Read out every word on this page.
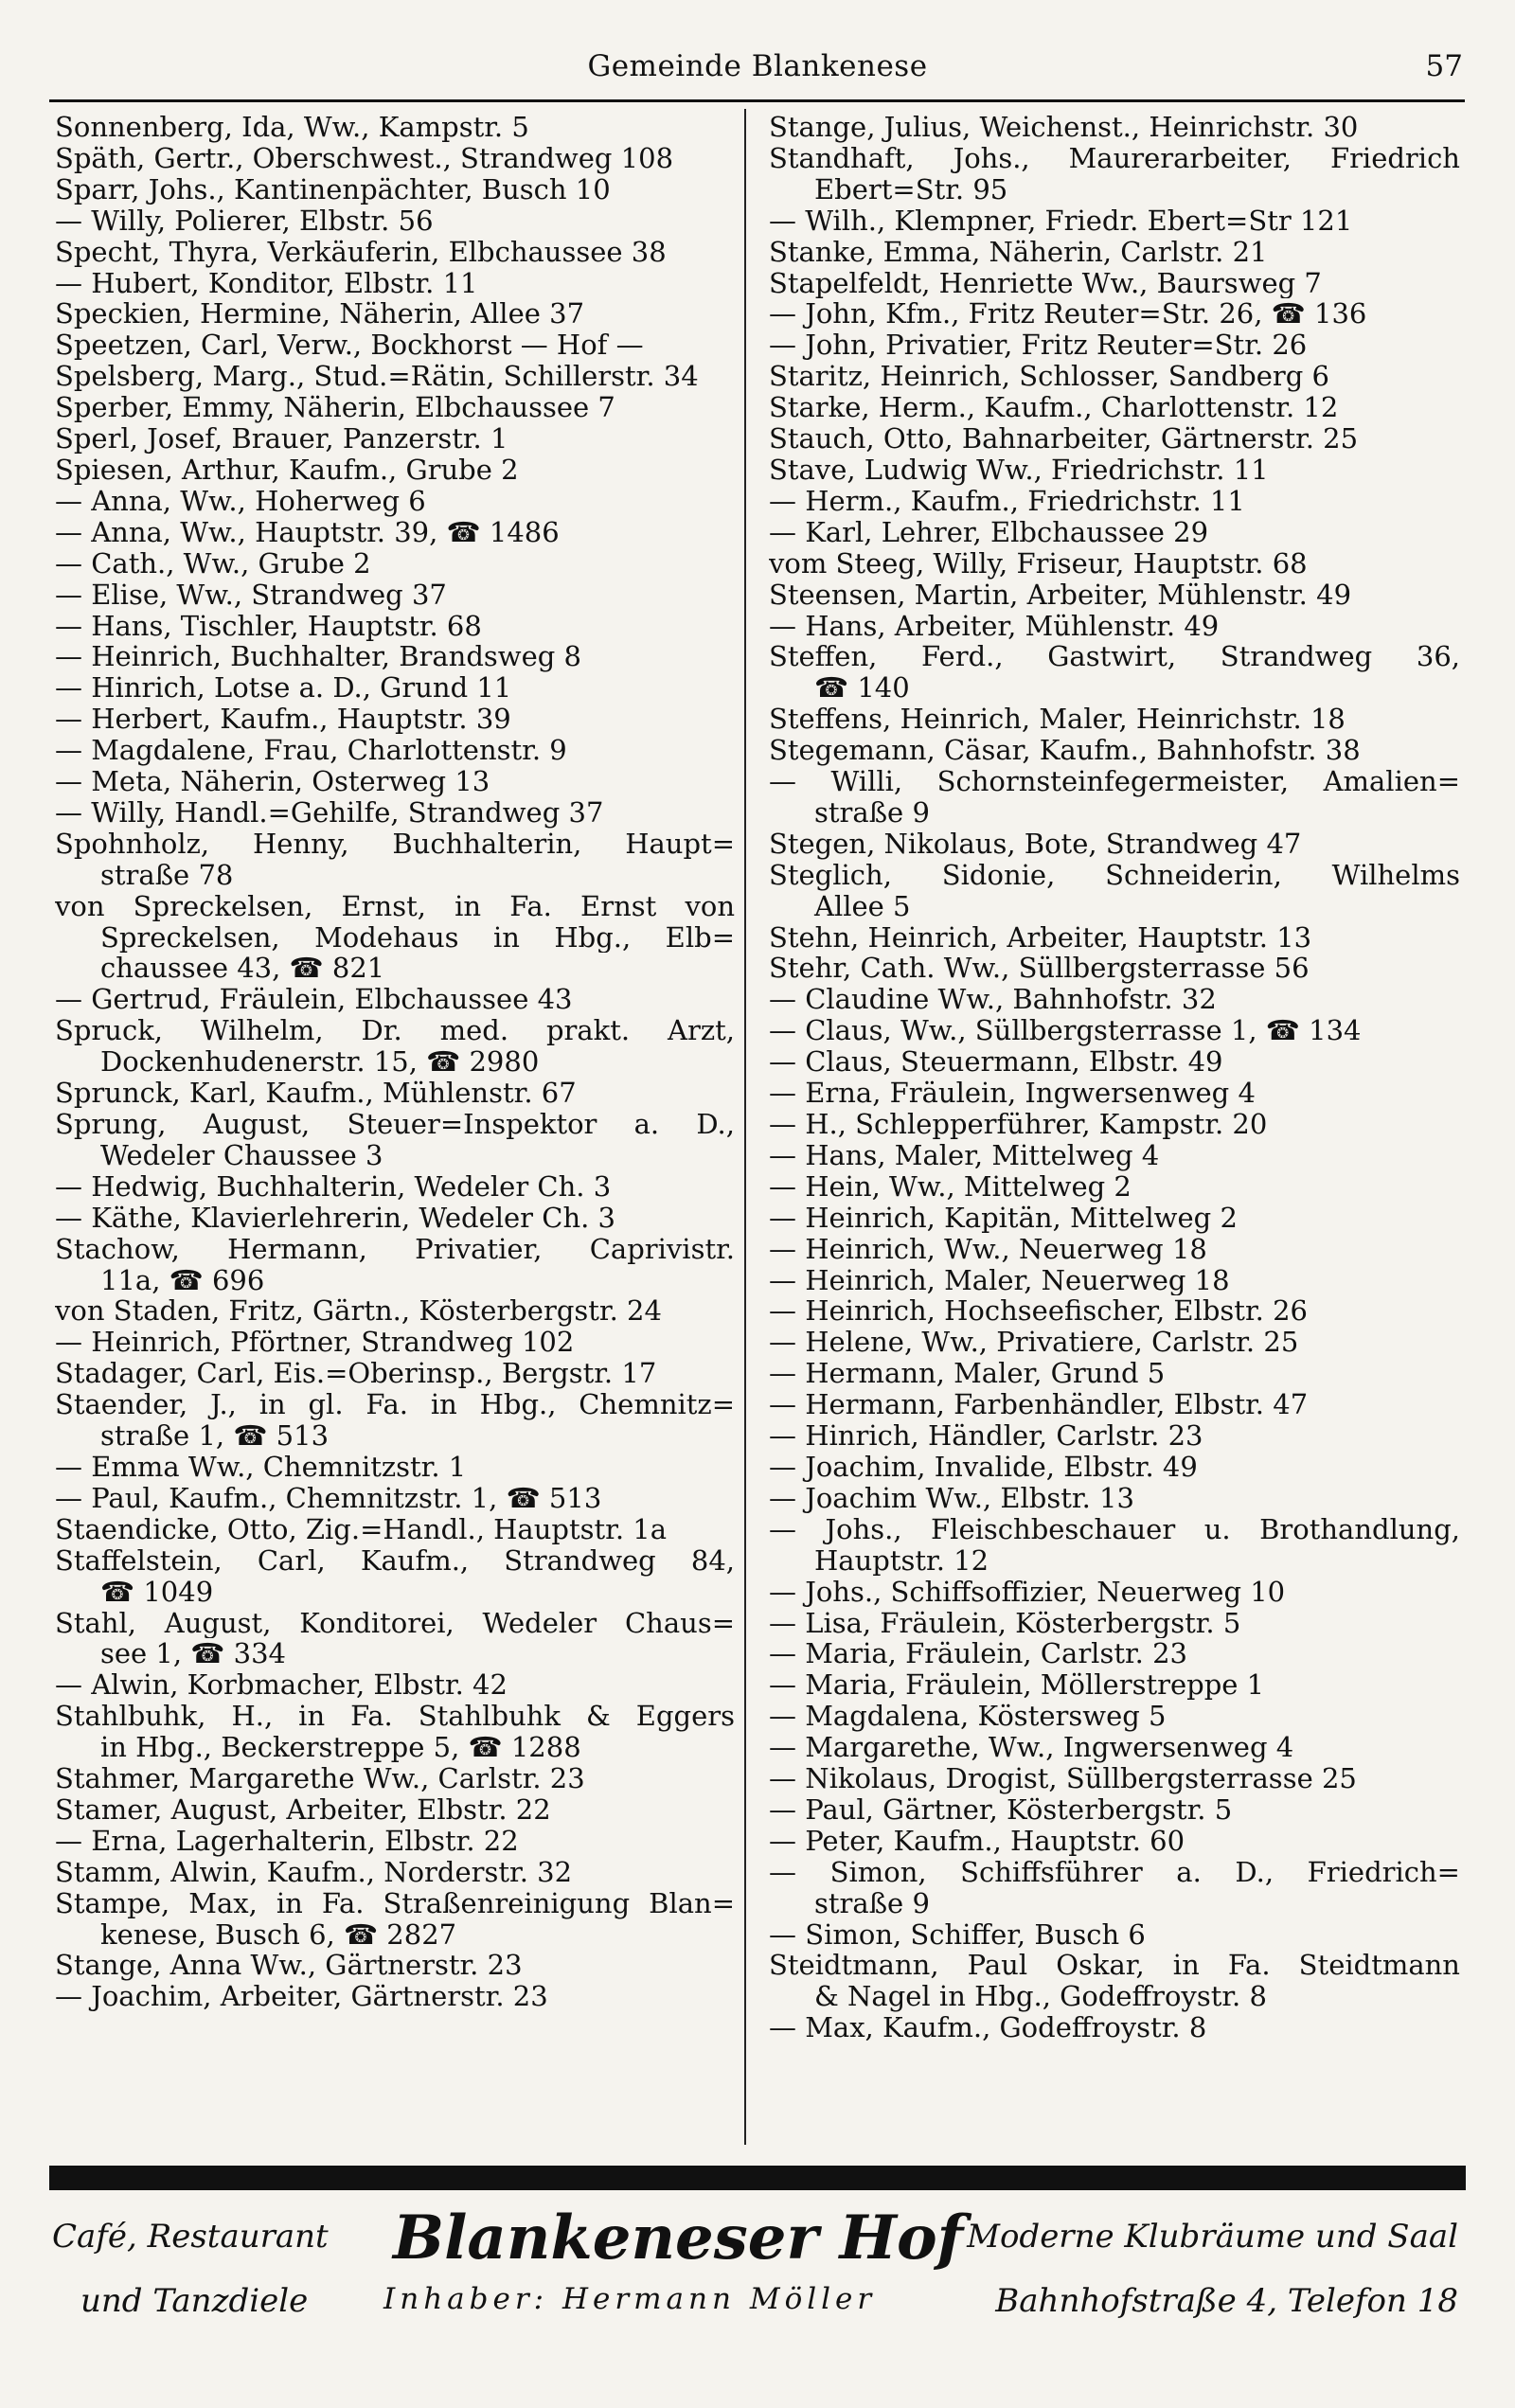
Gemeinde Blankenese	57
Sonnenberg, Ida, Ww., Kampstr. 5
Späth, Gertr., Oberschwest., Strandweg 108
Sparr, Johs., Kantinenpächter, Busch 10
— Willy, Polierer, Elbstr. 56
Specht, Thyra, Verkäuferin, Elbchaussee 38
— Hubert, Konditor, Elbstr. 11
Speckien, Hermine, Näherin, Allee 37
Speetzen, Carl, Verw., Bockhorst — Hof —
Spelsberg, Marg., Stud.=Rätin, Schillerstr. 34
Sperber, Emmy, Näherin, Elbchaussee 7
Sperl, Josef, Brauer, Panzerstr. 1
Spiesen, Arthur, Kaufm., Grube 2
— Anna, Ww., Hoherweg 6
— Anna, Ww., Hauptstr. 39, ☎ 1486
— Cath., Ww., Grube 2
— Elise, Ww., Strandweg 37
— Hans, Tischler, Hauptstr. 68
— Heinrich, Buchhalter, Brandsweg 8
— Hinrich, Lotse a. D., Grund 11
— Herbert, Kaufm., Hauptstr. 39
— Magdalene, Frau, Charlottenstr. 9
— Meta, Näherin, Osterweg 13
— Willy, Handl.=Gehilfe, Strandweg 37
Spohnholz, Henny, Buchhalterin, Haupt=
straße 78
von Spreckelsen, Ernst, in Fa. Ernst von
Spreckelsen, Modehaus in Hbg., Elb=
chaussee 43, ☎ 821
— Gertrud, Fräulein, Elbchaussee 43
Spruck, Wilhelm, Dr. med. prakt. Arzt,
Dockenhudenerstr. 15, ☎ 2980
Sprunck, Karl, Kaufm., Mühlenstr. 67
Sprung, August, Steuer=Inspektor a. D.,
Wedeler Chaussee 3
— Hedwig, Buchhalterin, Wedeler Ch. 3
— Käthe, Klavierlehrerin, Wedeler Ch. 3
Stachow, Hermann, Privatier, Caprivistr.
11a, ☎ 696
von Staden, Fritz, Gärtn., Kösterbergstr. 24
— Heinrich, Pförtner, Strandweg 102
Stadager, Carl, Eis.=Oberinsp., Bergstr. 17
Staender, J., in gl. Fa. in Hbg., Chemnitz=
straße 1, ☎ 513
— Emma Ww., Chemnitzstr. 1
— Paul, Kaufm., Chemnitzstr. 1, ☎ 513
Staendicke, Otto, Zig.=Handl., Hauptstr. 1a
Staffelstein, Carl, Kaufm., Strandweg 84,
☎ 1049
Stahl, August, Konditorei, Wedeler Chaus=
see 1, ☎ 334
— Alwin, Korbmacher, Elbstr. 42
Stahlbuhk, H., in Fa. Stahlbuhk & Eggers
in Hbg., Beckerstreppe 5, ☎ 1288
Stahmer, Margarethe Ww., Carlstr. 23
Stamer, August, Arbeiter, Elbstr. 22
— Erna, Lagerhalterin, Elbstr. 22
Stamm, Alwin, Kaufm., Norderstr. 32
Stampe, Max, in Fa. Straßenreinigung Blan=
kenese, Busch 6, ☎ 2827
Stange, Anna Ww., Gärtnerstr. 23
— Joachim, Arbeiter, Gärtnerstr. 23
Stange, Julius, Weichenst., Heinrichstr. 30
Standhaft, Johs., Maurerarbeiter, Friedrich
Ebert=Str. 95
— Wilh., Klempner, Friedr. Ebert=Str 121
Stanke, Emma, Näherin, Carlstr. 21
Stapelfeldt, Henriette Ww., Baursweg 7
— John, Kfm., Fritz Reuter=Str. 26, ☎ 136
— John, Privatier, Fritz Reuter=Str. 26
Staritz, Heinrich, Schlosser, Sandberg 6
Starke, Herm., Kaufm., Charlottenstr. 12
Stauch, Otto, Bahnarbeiter, Gärtnerstr. 25
Stave, Ludwig Ww., Friedrichstr. 11
— Herm., Kaufm., Friedrichstr. 11
— Karl, Lehrer, Elbchaussee 29
vom Steeg, Willy, Friseur, Hauptstr. 68
Steensen, Martin, Arbeiter, Mühlenstr. 49
— Hans, Arbeiter, Mühlenstr. 49
Steffen, Ferd., Gastwirt, Strandweg 36,
☎ 140
Steffens, Heinrich, Maler, Heinrichstr. 18
Stegemann, Cäsar, Kaufm., Bahnhofstr. 38
— Willi, Schornsteinfegermeister, Amalien=
straße 9
Stegen, Nikolaus, Bote, Strandweg 47
Steglich, Sidonie, Schneiderin, Wilhelms
Allee 5
Stehn, Heinrich, Arbeiter, Hauptstr. 13
Stehr, Cath. Ww., Süllbergsterrasse 56
— Claudine Ww., Bahnhofstr. 32
— Claus, Ww., Süllbergsterrasse 1, ☎ 134
— Claus, Steuermann, Elbstr. 49
— Erna, Fräulein, Ingwersenweg 4
— H., Schlepperführer, Kampstr. 20
— Hans, Maler, Mittelweg 4
— Hein, Ww., Mittelweg 2
— Heinrich, Kapitän, Mittelweg 2
— Heinrich, Ww., Neuerweg 18
— Heinrich, Maler, Neuerweg 18
— Heinrich, Hochseefischer, Elbstr. 26
— Helene, Ww., Privatiere, Carlstr. 25
— Hermann, Maler, Grund 5
— Hermann, Farbenhändler, Elbstr. 47
— Hinrich, Händler, Carlstr. 23
— Joachim, Invalide, Elbstr. 49
— Joachim Ww., Elbstr. 13
— Johs., Fleischbeschauer u. Brothandlung,
Hauptstr. 12
— Johs., Schiffsoffizier, Neuerweg 10
— Lisa, Fräulein, Kösterbergstr. 5
— Maria, Fräulein, Carlstr. 23
— Maria, Fräulein, Möllerstreppe 1
— Magdalena, Köstersweg 5
— Margarethe, Ww., Ingwersenweg 4
— Nikolaus, Drogist, Süllbergsterrasse 25
— Paul, Gärtner, Kösterbergstr. 5
— Peter, Kaufm., Hauptstr. 60
— Simon, Schiffsführer a. D., Friedrich=
straße 9
— Simon, Schiffer, Busch 6
Steidtmann, Paul Oskar, in Fa. Steidtmann
& Nagel in Hbg., Godeffroystr. 8
— Max, Kaufm., Godeffroystr. 8
Café, Restaurant
und Tanzdiele
Blankeneser Hof
Inhaber: Hermann Möller
Moderne Klubräume und Saal
Bahnhofstraße 4, Telefon 18
